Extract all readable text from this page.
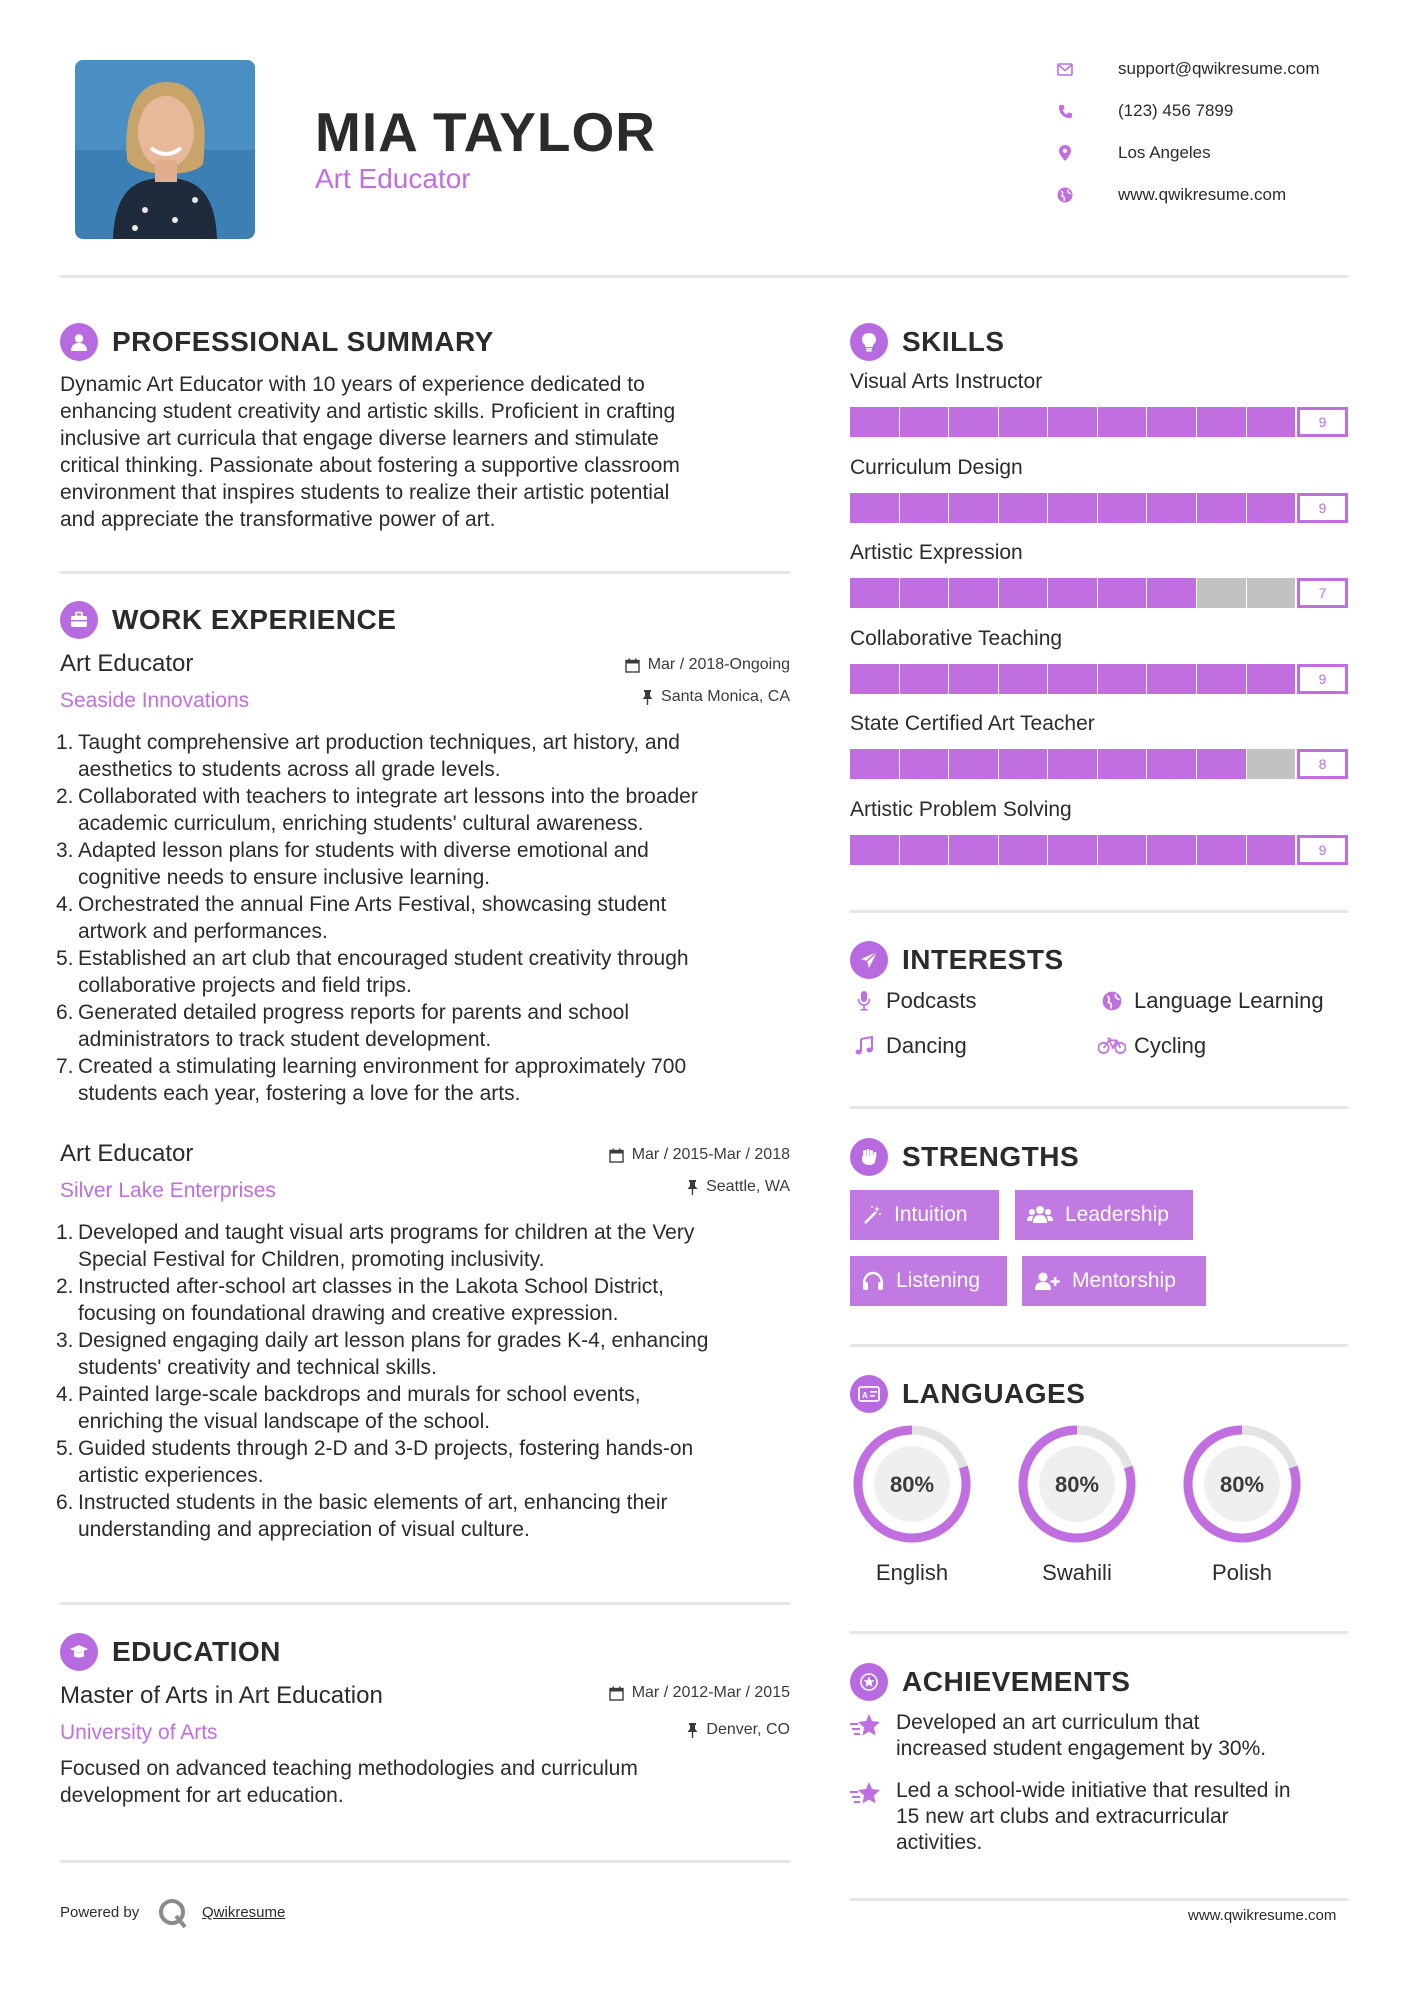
MIA TAYLOR
Art Educator
support@qwikresume.com
(123) 456 7899
Los Angeles
www.qwikresume.com
PROFESSIONAL SUMMARY
Dynamic Art Educator with 10 years of experience dedicated to
enhancing student creativity and artistic skills. Proficient in crafting
inclusive art curricula that engage diverse learners and stimulate
critical thinking. Passionate about fostering a supportive classroom
environment that inspires students to realize their artistic potential
and appreciate the transformative power of art.
WORK EXPERIENCE
Art Educator	Mar / 2018-Ongoing
Seaside Innovations	Santa Monica, CA
1. Taught comprehensive art production techniques, art history, and
aesthetics to students across all grade levels.
2. Collaborated with teachers to integrate art lessons into the broader
academic curriculum, enriching students' cultural awareness.
3. Adapted lesson plans for students with diverse emotional and
cognitive needs to ensure inclusive learning.
4. Orchestrated the annual Fine Arts Festival, showcasing student
artwork and performances.
5. Established an art club that encouraged student creativity through
collaborative projects and field trips.
6. Generated detailed progress reports for parents and school
administrators to track student development.
7. Created a stimulating learning environment for approximately 700
students each year, fostering a love for the arts.
Art Educator	Mar / 2015-Mar / 2018
Silver Lake Enterprises	Seattle, WA
1. Developed and taught visual arts programs for children at the Very
Special Festival for Children, promoting inclusivity.
2. Instructed after-school art classes in the Lakota School District,
focusing on foundational drawing and creative expression.
3. Designed engaging daily art lesson plans for grades K-4, enhancing
students' creativity and technical skills.
4. Painted large-scale backdrops and murals for school events,
enriching the visual landscape of the school.
5. Guided students through 2-D and 3-D projects, fostering hands-on
artistic experiences.
6. Instructed students in the basic elements of art, enhancing their
understanding and appreciation of visual culture.
EDUCATION
Master of Arts in Art Education	Mar / 2012-Mar / 2015
University of Arts	Denver, CO
Focused on advanced teaching methodologies and curriculum
development for art education.
SKILLS
Visual Arts Instructor
9
Curriculum Design
9
Artistic Expression
7
Collaborative Teaching
9
State Certified Art Teacher
8
Artistic Problem Solving
9
INTERESTS
Podcasts	Language Learning
Dancing	Cycling
STRENGTHS
Intuition	Leadership
Listening	Mentorship
A LANGUAGES
80%
English
80%
Swahili
80%
Polish
ACHIEVEMENTS
Developed an art curriculum that
increased student engagement by 30%.
Led a school-wide initiative that resulted in
15 new art clubs and extracurricular
activities.
Powered by	Qwikresume	www.qwikresume.com
